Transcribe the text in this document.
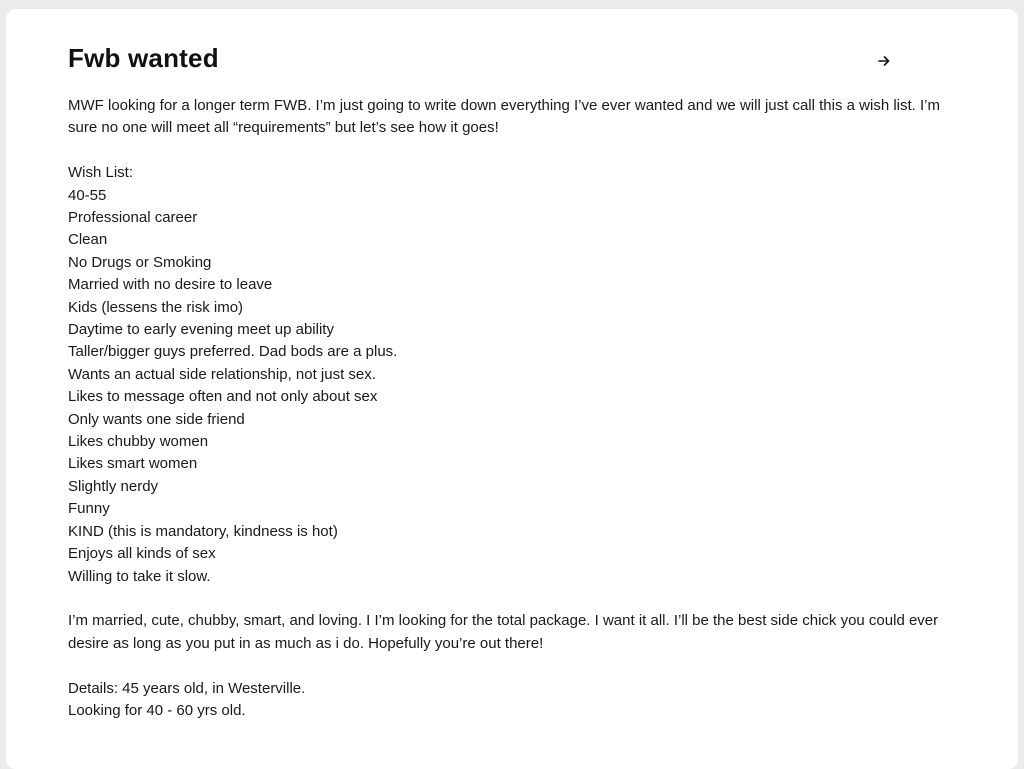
Fwb wanted

MWF looking for a longer term FWB. I’m just going to write down everything I’ve ever wanted and we will just call this a wish list. I’m sure no one will meet all “requirements” but let’s see how it goes!

Wish List:

40-55
Professional career
Clean
No Drugs or Smoking
Married with no desire to leave
Kids (lessens the risk imo)
Daytime to early evening meet up ability
Taller/bigger guys preferred. Dad bods are a plus.
Wants an actual side relationship, not just sex.
Likes to message often and not only about sex
Only wants one side friend
Likes chubby women
Likes smart women
Slightly nerdy
Funny
KIND (this is mandatory, kindness is hot)
Enjoys all kinds of sex
Willing to take it slow.

I’m married, cute, chubby, smart, and loving. I I’m looking for the total package. I want it all. I’ll be the best side chick you could ever desire as long as you put in as much as i do. Hopefully you’re out there!

Details: 45 years old, in Westerville.

Looking for 40 - 60 yrs old.
